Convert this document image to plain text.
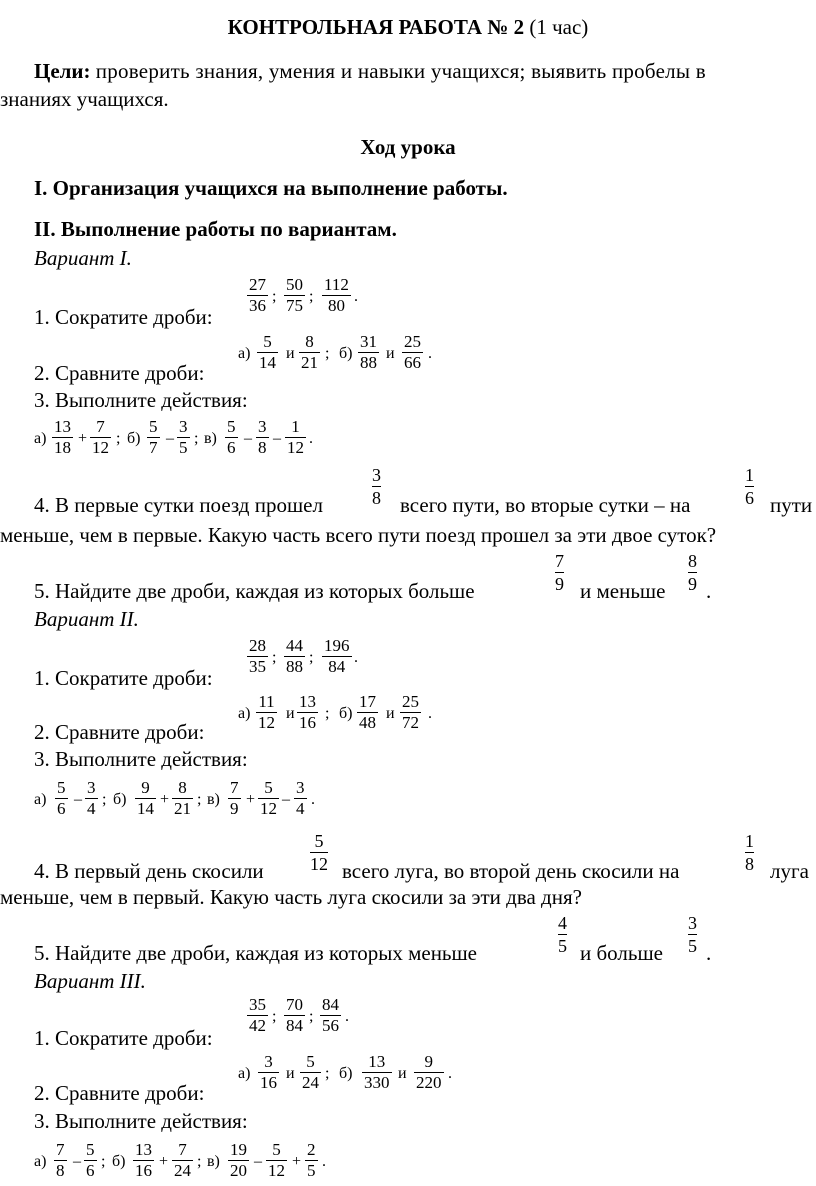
КОНТРОЛЬНАЯ РАБОТА № 2 (1 час)
Цели: проверить знания, умения и навыки учащихся; выявить пробелы в
знаниях учащихся.
Ход урока
I. Организация учащихся на выполнение работы.
II. Выполнение работы по вариантам.
Вариант I.
1. Сократите дроби:
27
36 ;
50
75 ;
112
80 .
2. Сравните дроби:
а)
5
14 и
8
21 ; б)
31
88 и
25
66 .
3. Выполните действия:
а)
13
18 +
7
12 ; б)
5
7 –
3
5 ; в)
5
6 –
3
8 –
1
12 .
4. В первые сутки поезд прошел
3
8 всего пути, во вторые сутки – на
1
6 пути
меньше, чем в первые. Какую часть всего пути поезд прошел за эти двое суток?
5. Найдите две дроби, каждая из которых больше
7
9 и меньше
8
9 .
Вариант II.
1. Сократите дроби:
28
35 ;
44
88 ;
196
84 .
2. Сравните дроби:
а)
11
12 и
13
16 ; б)
17
48 и
25
72 .
3. Выполните действия:
а)
5
6 –
3
4 ; б)
9
14 +
8
21 ; в)
7
9 +
5
12 –
3
4 .
4. В первый день скосили
5
12 всего луга, во второй день скосили на
1
8 луга
меньше, чем в первый. Какую часть луга скосили за эти два дня?
5. Найдите две дроби, каждая из которых меньше
4
5 и больше
3
5 .
Вариант III.
1. Сократите дроби:
35
42 ;
70
84 ;
84
56 .
2. Сравните дроби:
а)
3
16 и
5
24 ; б)
13
330 и
9
220 .
3. Выполните действия:
а)
7
8 –
5
6 ; б)
13
16 +
7
24 ; в)
19
20 –
5
12 +
2
5 .
